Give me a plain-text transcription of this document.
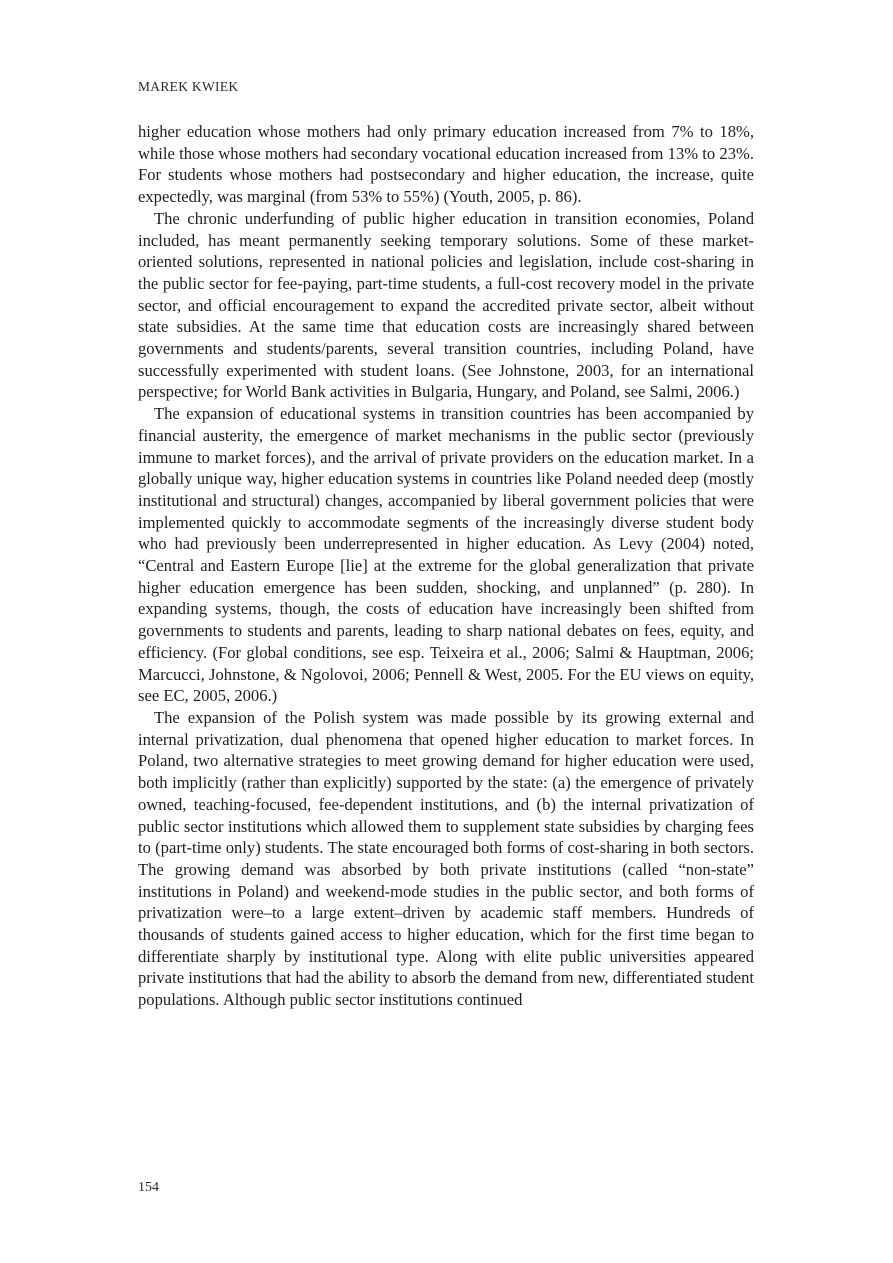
MAREK KWIEK

higher education whose mothers had only primary education increased from 7% to 18%, while those whose mothers had secondary vocational education increased from 13% to 23%. For students whose mothers had postsecondary and higher education, the increase, quite expectedly, was marginal (from 53% to 55%) (Youth, 2005, p. 86).

The chronic underfunding of public higher education in transition economies, Poland included, has meant permanently seeking temporary solutions. Some of these market-oriented solutions, represented in national policies and legislation, include cost-sharing in the public sector for fee-paying, part-time students, a full-cost recovery model in the private sector, and official encouragement to expand the accredited private sector, albeit without state subsidies. At the same time that education costs are increasingly shared between governments and students/parents, several transition countries, including Poland, have successfully experimented with student loans. (See Johnstone, 2003, for an international perspective; for World Bank activities in Bulgaria, Hungary, and Poland, see Salmi, 2006.)

The expansion of educational systems in transition countries has been accompanied by financial austerity, the emergence of market mechanisms in the public sector (previously immune to market forces), and the arrival of private providers on the education market. In a globally unique way, higher education systems in countries like Poland needed deep (mostly institutional and structural) changes, accompanied by liberal government policies that were implemented quickly to accommodate segments of the increasingly diverse student body who had previously been underrepresented in higher education. As Levy (2004) noted, “Central and Eastern Europe [lie] at the extreme for the global generalization that private higher education emergence has been sudden, shocking, and unplanned” (p. 280). In expanding systems, though, the costs of education have increasingly been shifted from governments to students and parents, leading to sharp national debates on fees, equity, and efficiency. (For global conditions, see esp. Teixeira et al., 2006; Salmi & Hauptman, 2006; Marcucci, Johnstone, & Ngolovoi, 2006; Pennell & West, 2005. For the EU views on equity, see EC, 2005, 2006.)

The expansion of the Polish system was made possible by its growing external and internal privatization, dual phenomena that opened higher education to market forces. In Poland, two alternative strategies to meet growing demand for higher education were used, both implicitly (rather than explicitly) supported by the state: (a) the emergence of privately owned, teaching-focused, fee-dependent institutions, and (b) the internal privatization of public sector institutions which allowed them to supplement state subsidies by charging fees to (part-time only) students. The state encouraged both forms of cost-sharing in both sectors. The growing demand was absorbed by both private institutions (called “non-state” institutions in Poland) and weekend-mode studies in the public sector, and both forms of privatization were–to a large extent–driven by academic staff members. Hundreds of thousands of students gained access to higher education, which for the first time began to differentiate sharply by institutional type. Along with elite public universities appeared private institutions that had the ability to absorb the demand from new, differentiated student populations. Although public sector institutions continued

154
